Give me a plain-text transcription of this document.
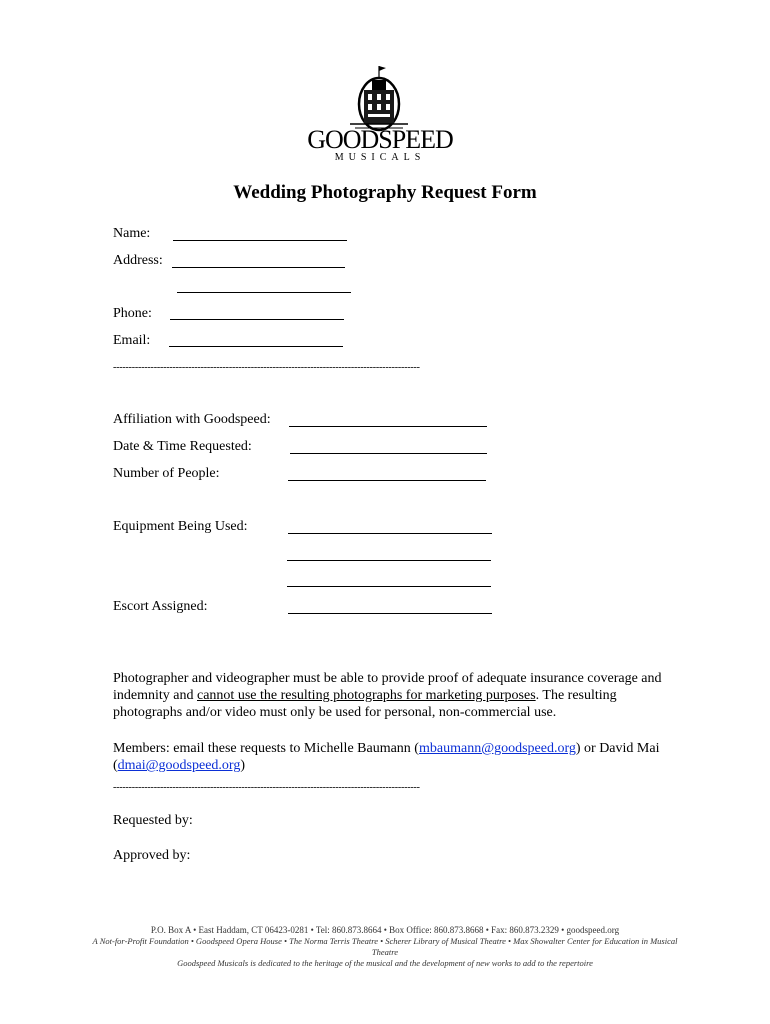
GOODSPEED
MUSICALS
Wedding Photography Request Form
Name:
Address:
Phone:
Email:
--------------------------------------------------------------------------------------------------
Affiliation with Goodspeed:
Date & Time Requested:
Number of People:
Equipment Being Used:
Escort Assigned:
Photographer and videographer must be able to provide proof of adequate insurance coverage and indemnity and cannot use the resulting photographs for marketing purposes. The resulting photographs and/or video must only be used for personal, non-commercial use.
Members: email these requests to Michelle Baumann (mbaumann@goodspeed.org) or David Mai (dmai@goodspeed.org)
--------------------------------------------------------------------------------------------------
Requested by:
Approved by:
P.O. Box A • East Haddam, CT 06423-0281 • Tel: 860.873.8664 • Box Office: 860.873.8668 • Fax: 860.873.2329 • goodspeed.org
A Not-for-Profit Foundation • Goodspeed Opera House • The Norma Terris Theatre • Scherer Library of Musical Theatre • Max Showalter Center for Education in Musical Theatre
Goodspeed Musicals is dedicated to the heritage of the musical and the development of new works to add to the repertoire
